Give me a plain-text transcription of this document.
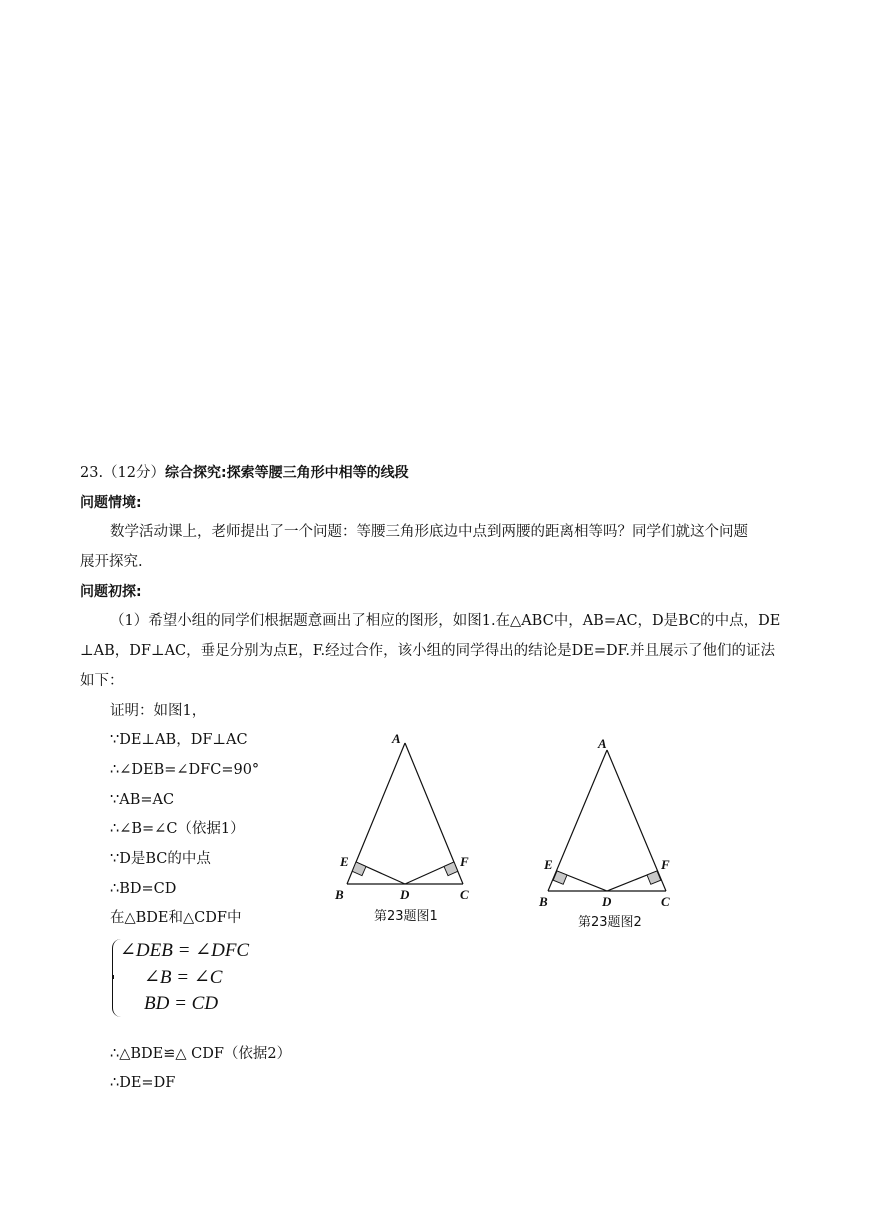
23.（12分）综合探究:探索等腰三角形中相等的线段
问题情境:
数学活动课上，老师提出了一个问题：等腰三角形底边中点到两腰的距离相等吗？同学们就这个问题
展开探究.
问题初探:
（1）希望小组的同学们根据题意画出了相应的图形，如图1.在△ABC中，AB=AC，D是BC的中点，DE
⊥AB，DF⊥AC，垂足分别为点E，F.经过合作，该小组的同学得出的结论是DE=DF.并且展示了他们的证法
如下：
证明：如图1，
∵DE⊥AB，DF⊥AC
∴∠DEB=∠DFC=90°
∵AB=AC
∴∠B=∠C（依据1）
∵D是BC的中点
∴BD=CD
在△BDE和△CDF中
∠DEB = ∠DFC
∠B = ∠C
BD = CD
∴△BDE≌△ CDF（依据2）
∴DE=DF
A
B	C
D
E	F
第23题图1
A
B	C
D
E	F
第23题图2
